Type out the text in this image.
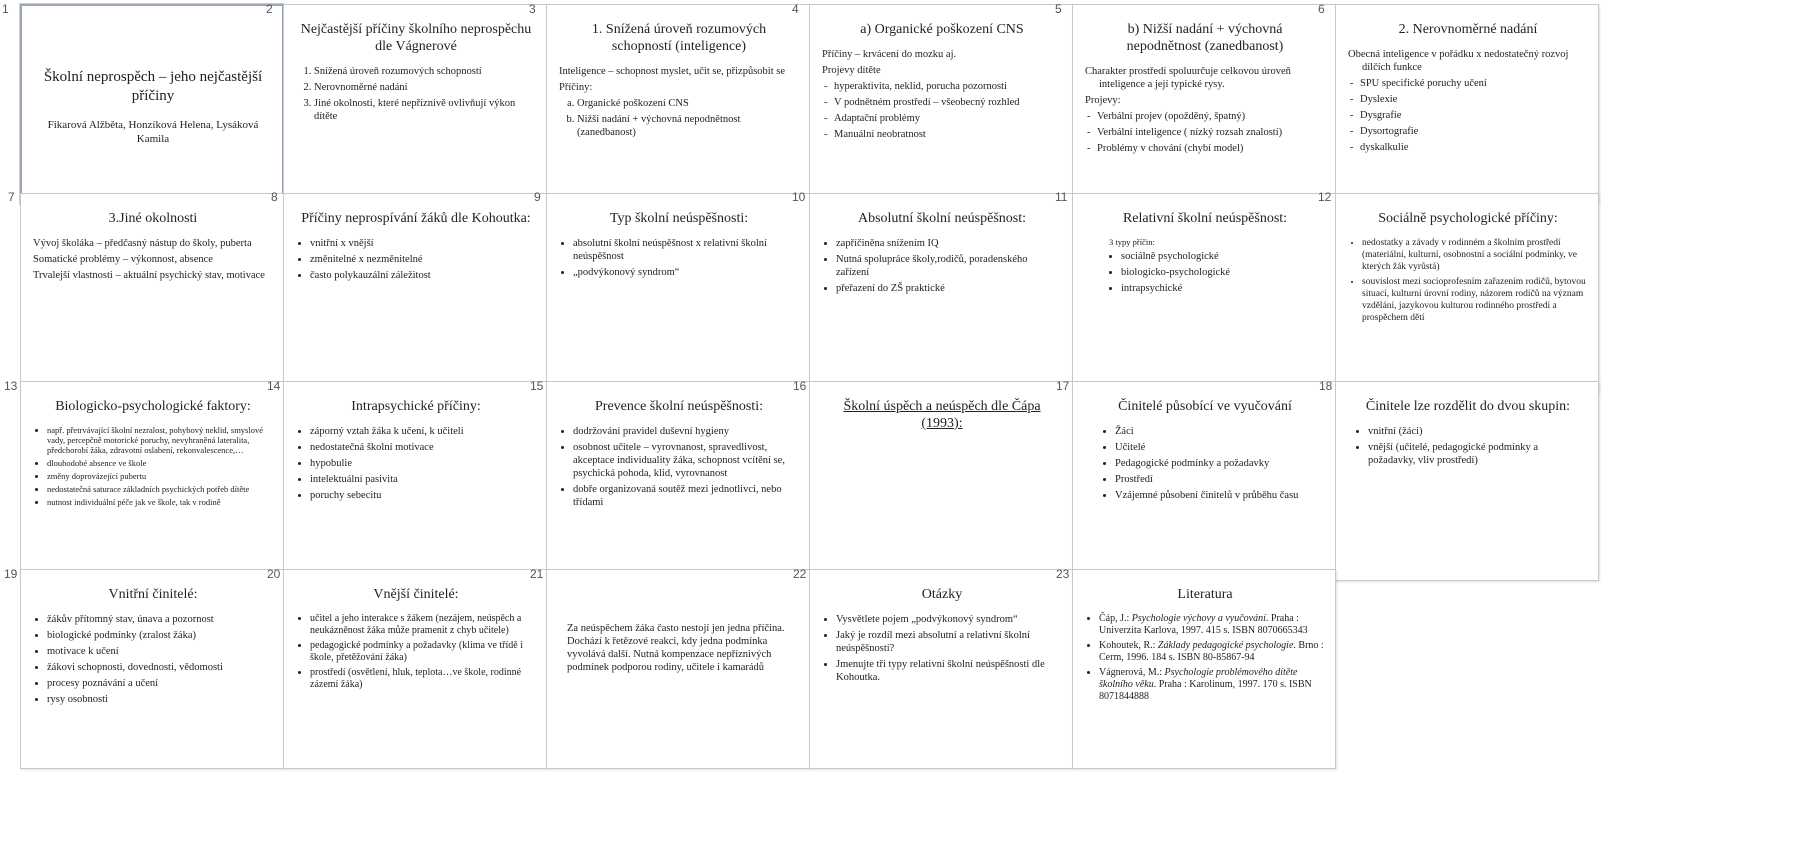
1
Školní neprospěch – jeho nejčastější příčiny
Fikarová Alžběta, Honzíková Helena, Lysáková Kamila
2
Nejčastější příčiny školního neprospěchu dle Vágnerové
1. Snížená úroveň rozumových schopností
2. Nerovnoměrné nadání
3. Jiné okolnosti, které nepříznivě ovlivňují výkon dítěte
3
1. Snížená úroveň rozumových schopností (inteligence)
Inteligence – schopnost myslet, učit se, přizpůsobit se
Příčiny:
a. Organické poškození CNS
b. Nižší nadání + výchovná nepodnětnost (zanedbanost)
4
a) Organické poškození CNS
Příčiny – krvácení do mozku aj.
Projevy dítěte
- hyperaktivita, neklid, porucha pozornosti
- V podnětném prostředí – všeobecný rozhled
- Adaptační problémy
- Manuální neobratnost
5
b) Nižší nadání + výchovná nepodnětnost (zanedbanost)
Charakter prostředí spoluurčuje celkovou úroveň inteligence a její typické rysy.
Projevy:
- Verbální projev (opožděný, špatný)
- Verbální inteligence ( nízký rozsah znalostí)
- Problémy v chování (chybí model)
6
2. Nerovnoměrné nadání
Obecná inteligence v pořádku x nedostatečný rozvoj dílčích funkce
- SPU specifické poruchy učení
- Dyslexie
- Dysgrafie
- Dysortografie
- dyskalkulie
7
3.Jiné okolnosti
Vývoj školáka – předčasný nástup do školy, puberta
Somatické problémy – výkonnost, absence
Trvalejší vlastnosti – aktuální psychický stav, motivace
8
Příčiny neprospívání žáků dle Kohoutka:
• vnitřní x vnější
• změnitelné x nezměnitelné
• často polykauzální záležitost
9
Typ školní neúspěšnosti:
• absolutní školní neúspěšnost x relativní školní neúspěšnost
• „podvýkonový syndrom“
10
Absolutní školní neúspěšnost:
• zapříčiněna snížením IQ
• Nutná spolupráce školy,rodičů, poradenského zařízení
• přeřazení do ZŠ praktické
11
Relativní školní neúspěšnost:
3 typy příčin:
• sociálně psychologické
• biologicko-psychologické
• intrapsychické
12
Sociálně psychologické příčiny:
• nedostatky a závady v rodinném a školním prostředí (materiální, kulturní, osobnostní a sociální podmínky, ve kterých žák vyrůstá)
• souvislost mezi socioprofesním zařazením rodičů, bytovou situací, kulturní úrovní rodiny, názorem rodičů na význam vzdělání, jazykovou kulturou rodinného prostředí a prospěchem dětí
13
Biologicko-psychologické faktory:
• např. přetrvávající školní nezralost, pohybový neklid, smyslové vady, percepčně motorické poruchy, nevyhraněná lateralita, předchorobí žáka, zdravotní oslabení, rekonvalescence,…
• dlouhodobé absence ve škole
• změny doprovázející pubertu
• nedostatečná saturace základních psychických potřeb dítěte
• nutnost individuální péče jak ve škole, tak v rodině
14
Intrapsychické příčiny:
• záporný vztah žáka k učení, k učiteli
• nedostatečná školní motivace
• hypobulie
• intelektuální pasivita
• poruchy sebecitu
15
Prevence školní neúspěšnosti:
• dodržování pravidel duševní hygieny
• osobnost učitele – vyrovnanost, spravedlivost, akceptace individuality žáka, schopnost vcítění se, psychická pohoda, klid, vyrovnanost
• dobře organizovaná soutěž mezi jednotlivci, nebo třídami
16
Školní úspěch a neúspěch dle Čápa (1993):
17
Činitelé působící ve vyučování
• Žáci
• Učitelé
• Pedagogické podmínky a požadavky
• Prostředí
• Vzájemné působení činitelů v průběhu času
18
Činitele lze rozdělit do dvou skupin:
• vnitřní (žáci)
• vnější (učitelé, pedagogické podmínky a požadavky, vliv prostředí)
19
Vnitřní činitelé:
• žákův přítomný stav, únava a pozornost
• biologické podmínky (zralost žáka)
• motivace k učení
• žákovi schopnosti, dovednosti, vědomosti
• procesy poznávání a učení
• rysy osobnosti
20
Vnější činitelé:
• učitel a jeho interakce s žákem (nezájem, neúspěch a neukázněnost žáka může pramenit z chyb učitele)
• pedagogické podmínky a požadavky (klima ve třídě i škole, přetěžování žáka)
• prostředí (osvětlení, hluk, teplota…ve škole, rodinné zázemí žáka)
21
Za neúspěchem žáka často nestojí jen jedna příčina. Dochází k řetězové reakci, kdy jedna podmínka vyvolává další. Nutná kompenzace nepříznivých podmínek podporou rodiny, učitele i kamarádů
22
Otázky
• Vysvětlete pojem „podvýkonový syndrom“
• Jaký je rozdíl mezi absolutní a relativní školní neúspěšností?
• Jmenujte tři typy relativní školní neúspěšnosti dle Kohoutka.
23
Literatura
• Čáp, J.: Psychologie výchovy a vyučování. Praha : Univerzita Karlova, 1997. 415 s. ISBN 8070665343
• Kohoutek, R.: Základy pedagogické psychologie. Brno : Cerm, 1996. 184 s. ISBN 80-85867-94
• Vágnerová, M.: Psychologie problémového dítěte školního věku. Praha : Karolinum, 1997. 170 s. ISBN 8071844888
